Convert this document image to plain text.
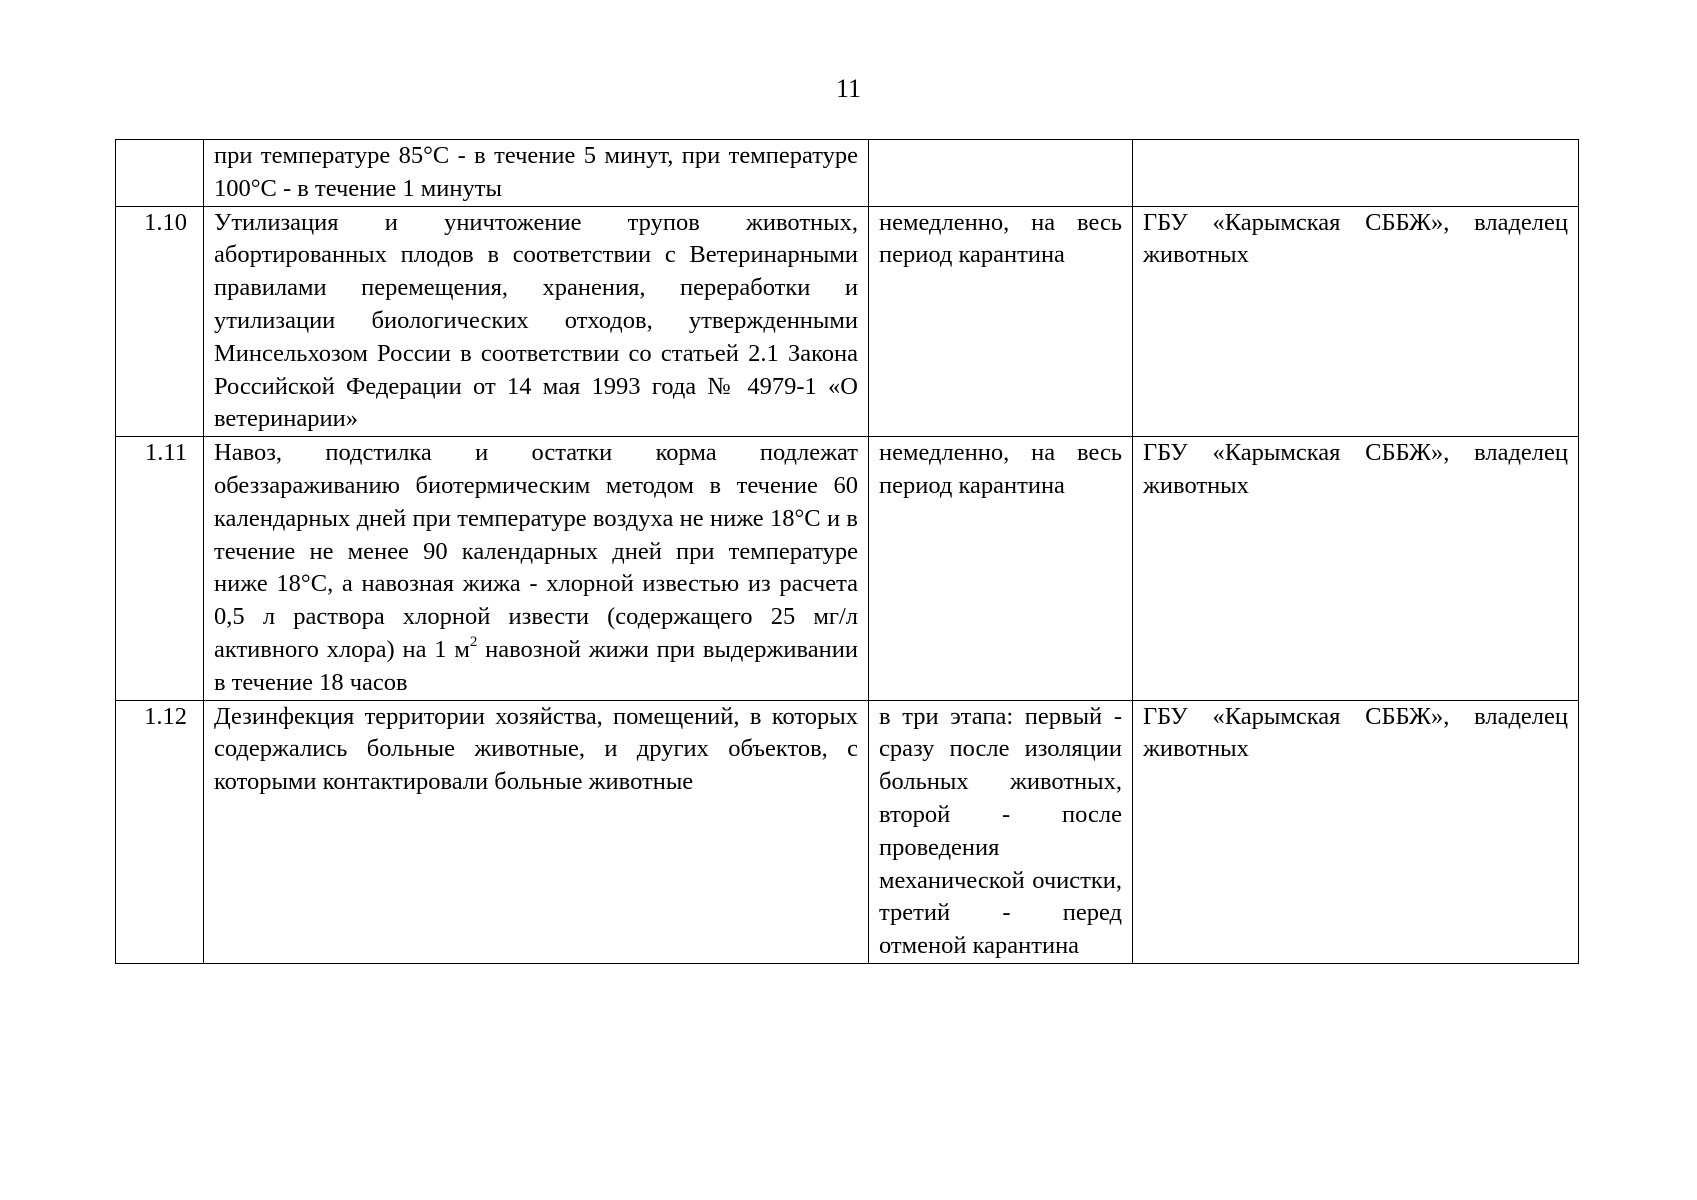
11
	при температуре 85°C - в течение 5 минут, при температуре 100°C - в течение 1 минуты		
1.10	Утилизация и уничтожение трупов животных, абортированных плодов в соответствии с Ветеринарными правилами перемещения, хранения, переработки и утилизации биологических отходов, утвержденными Минсельхозом России в соответствии со статьей 2.1 Закона Российской Федерации от 14 мая 1993 года № 4979-1 «О ветеринарии»	немедленно, на весь период карантина	ГБУ «Карымская СББЖ», владелец животных
1.11	Навоз, подстилка и остатки корма подлежат обеззараживанию биотермическим методом в течение 60 календарных дней при температуре воздуха не ниже 18°C и в течение не менее 90 календарных дней при температуре ниже 18°C, а навозная жижа - хлорной известью из расчета 0,5 л раствора хлорной извести (содержащего 25 мг/л активного хлора) на 1 $м^2$ навозной жижи при выдерживании в течение 18 часов	немедленно, на весь период карантина	ГБУ «Карымская СББЖ», владелец животных
1.12	Дезинфекция территории хозяйства, помещений, в которых содержались больные животные, и других объектов, с которыми контактировали больные животные	в три этапа: первый - сразу после изоляции больных животных, второй - после проведения механической очистки, третий - перед отменой карантина	ГБУ «Карымская СББЖ», владелец животных
